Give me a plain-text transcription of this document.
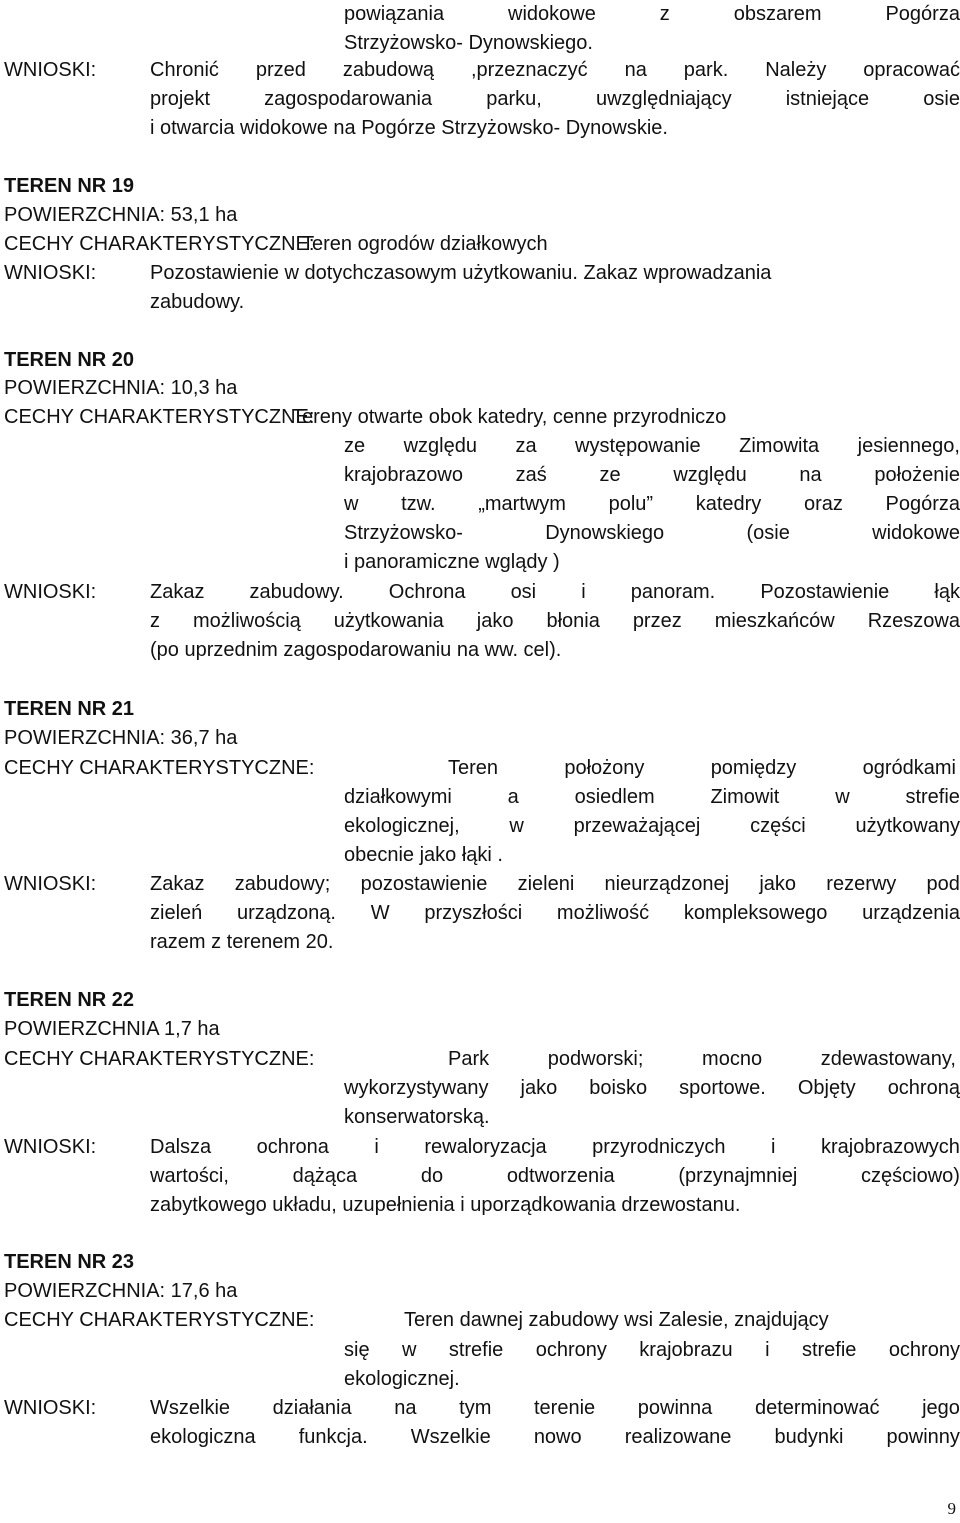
powiązania	widokowe	z	obszarem	Pogórza
Strzyżowsko- Dynowskiego.
WNIOSKI:	Chronić przed zabudową ,przeznaczyć na park. Należy opracować
projekt	zagospodarowania	parku,	uwzględniający	istniejące	osie
i otwarcia widokowe na Pogórze Strzyżowsko- Dynowskie.
TEREN NR 19
POWIERZCHNIA: 53,1 ha
CECHY CHARAKTERYSTYCZNE:
Teren ogrodów działkowych
WNIOSKI:	Pozostawienie w dotychczasowym użytkowaniu. Zakaz wprowadzania
zabudowy.
TEREN NR 20
POWIERZCHNIA: 10,3 ha
CECHY CHARAKTERYSTYCZNE:
Tereny otwarte obok katedry, cenne przyrodniczo
ze względu za występowanie Zimowita jesiennego,
krajobrazowo	zaś	ze	względu	na	położenie
w tzw. „martwym polu” katedry oraz Pogórza
Strzyżowsko-	Dynowskiego	(osie	widokowe
i panoramiczne wglądy )
WNIOSKI:	Zakaz zabudowy. Ochrona osi i panoram. Pozostawienie łąk
z możliwością użytkowania jako błonia przez mieszkańców Rzeszowa
(po uprzednim zagospodarowaniu na ww. cel).
TEREN NR 21
POWIERZCHNIA: 36,7 ha
CECHY CHARAKTERYSTYCZNE:	Teren	położony	pomiędzy	ogródkami
działkowymi	a	osiedlem	Zimowit	w	strefie
ekologicznej, w przeważającej części użytkowany
obecnie jako łąki .
WNIOSKI:	Zakaz zabudowy; pozostawienie zieleni nieurządzonej jako rezerwy pod
zieleń urządzoną. W przyszłości możliwość kompleksowego urządzenia
razem z terenem 20.
TEREN NR 22
POWIERZCHNIA 1,7 ha
CECHY CHARAKTERYSTYCZNE:	Park	podworski;	mocno	zdewastowany,
wykorzystywany jako boisko sportowe. Objęty ochroną
konserwatorską.
WNIOSKI:	Dalsza ochrona i rewaloryzacja przyrodniczych i krajobrazowych
wartości,	dążąca	do	odtworzenia	(przynajmniej	częściowo)
zabytkowego układu, uzupełnienia i uporządkowania drzewostanu.
TEREN NR 23
POWIERZCHNIA: 17,6 ha
CECHY CHARAKTERYSTYCZNE:	Teren dawnej zabudowy wsi Zalesie, znajdujący
się w strefie ochrony krajobrazu i strefie ochrony
ekologicznej.
WNIOSKI:	Wszelkie działania na tym terenie powinna determinować jego
ekologiczna funkcja. Wszelkie nowo realizowane budynki powinny
9
